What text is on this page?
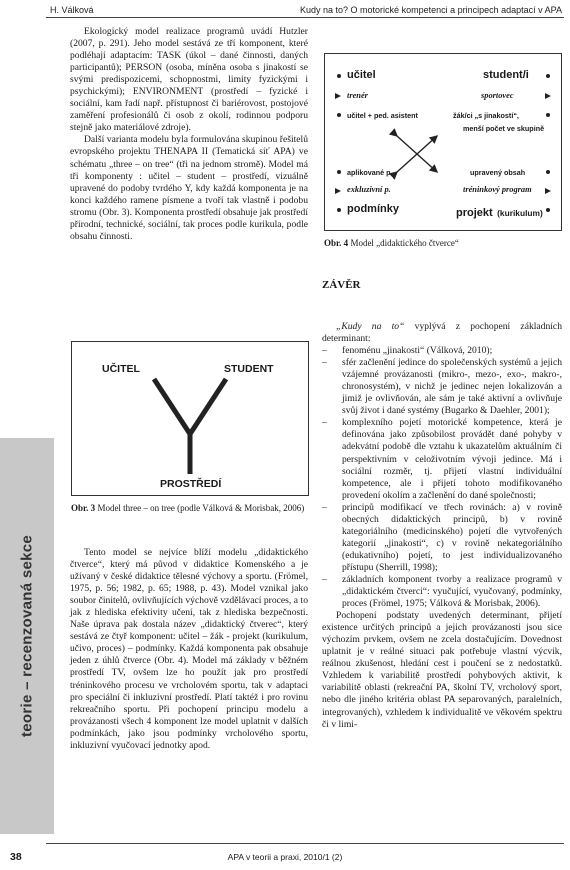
H. Válková	Kudy na to? O motorické kompetenci a principech adaptací v APA
teorie – recenzovaná sekce

Ekologický model realizace programů uvádí Hutzler (2007, p. 291). Jeho model sestává ze tří komponent, které podléhají adaptacím: TASK (úkol – dané činnosti, daných participantů); PERSON (osoba, míněna osoba s jinakostí se svými predispozicemi, schopnostmi, limity fyzickými i psychickými); ENVIRONMENT (prostředí – fyzické i sociální, kam řadí např. přístupnost či bariérovost, postojové zaměření profesionálů či osob z okolí, rodinnou podporu stejně jako materiálové zdroje).

Další varianta modelu byla formulována skupinou řešitelů evropského projektu THENAPA II (Tematická síť APA) ve schématu „three – on tree“ (tři na jednom stromě). Model má tři komponenty : učitel – student – prostředí, vizuálně upravené do podoby tvrdého Y, kdy každá komponenta je na konci každého ramene písmene a tvoří tak vlastně i podobu stromu (Obr. 3). Komponenta prostředí obsahuje jak prostředí přírodní, technické, sociální, tak proces podle kurikula, podle obsahu činnosti.

UČITEL	STUDENT
PROSTŘEDÍ
Obr. 3 Model three – on tree (podle Válková & Morisbak, 2006)

Tento model se nejvíce blíží modelu „didaktického čtverce“, který má původ v didaktice Komenského a je užívaný v české didaktice tělesné výchovy a sportu. (Frömel, 1975, p. 56; 1982, p. 65; 1988, p. 43). Model vznikal jako soubor činitelů, ovlivňujících výchově vzdělávací proces, a to jak z hlediska efektivity učení, tak z hlediska bezpečnosti. Naše úprava pak dostala název „didaktický čtverec“, který sestává ze čtyř komponent: učitel – žák - projekt (kurikulum, učivo, proces) – podmínky. Každá komponenta pak obsahuje jeden z úhlů čtverce (Obr. 4). Model má základy v běžném prostředí TV, ovšem lze ho použít jak pro prostředí tréninkového procesu ve vrcholovém sportu, tak v adaptaci pro speciální či inkluzivní prostředí. Platí taktéž i pro rovinu rekreačního sportu. Při pochopení principu modelu a provázanosti všech 4 komponent lze model uplatnit v dalších podmínkách, jako jsou podmínky vrcholového sportu, inkluzivní vyučovací jednotky apod.

učitel	student/i
trenér	sportovec
učitel + ped. asistent	žák/ci „s jinakostí“,
menší počet ve skupině
aplikované p.	upravený obsah
exkluzivní p.	tréninkový program
podmínky	projekt (kurikulum)
Obr. 4 Model „didaktického čtverce“
ZÁVĚR

„Kudy na to“ vyplývá z pochopení základních determinant:

– fenoménu „jinakosti“ (Válková, 2010);
– sfér začlenění jedince do společenských systémů a jejich vzájemné provázanosti (mikro-, mezo-, exo-, makro-, chronosystém), v nichž je jedinec nejen lokalizován a jimiž je ovlivňován, ale sám je také aktivní a ovlivňuje svůj život i dané systémy (Bugarko & Daehler, 2001);
– komplexního pojetí motorické kompetence, která je definována jako způsobilost provádět dané pohyby v adekvátní podobě dle vztahu k ukazatelům aktuálním či perspektivním v celoživotním vývoji jedince. Má i sociální rozměr, tj. přijetí vlastní individuální kompetence, ale i přijetí tohoto modifikovaného provedení okolím a začlenění do dané společnosti;
– principů modifikací ve třech rovinách: a) v rovině obecných didaktických principů, b) v rovině kategoriálního (medicinského) pojetí dle vytvořených kategorií „jinakosti“, c) v rovině nekategoriálního (edukativního) pojetí, to jest individualizovaného přístupu (Sherrill, 1998);
– základních komponent tvorby a realizace programů v „didaktickém čtverci“: vyučující, vyučovaný, podmínky, proces (Frömel, 1975; Válková & Morisbak, 2006).

Pochopení podstaty uvedených determinant, přijetí existence určitých principů a jejich provázanosti jsou sice výchozím prvkem, ovšem ne zcela dostačujícím. Dovednost uplatnit je v reálné situaci pak potřebuje vlastní výcvik, reálnou zkušenost, hledání cest i poučení se z nedostatků. Vzhledem k variabilitě prostředí pohybových aktivit, k variabilitě oblasti (rekreační PA, školní TV, vrcholový sport, nebo dle jiného kritéria oblast PA separovaných, paralelních, integrovaných), vzhledem k individualitě ve věkovém spektru či v limi-

38	APA v teorii a praxi, 2010/1 (2)
